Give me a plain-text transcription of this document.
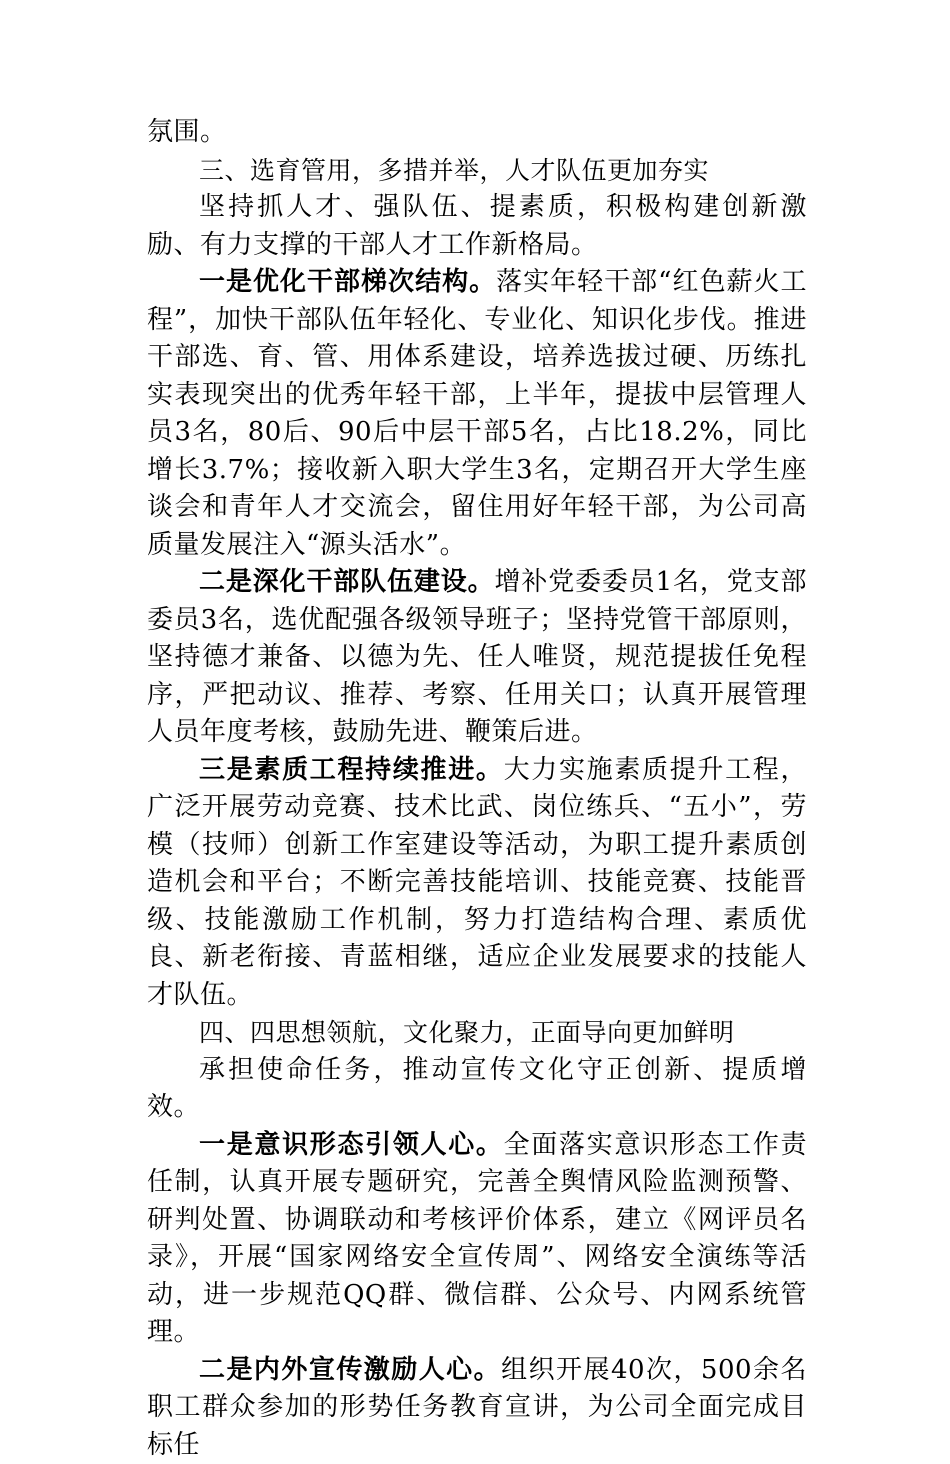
氛围。

三、选育管用，多措并举，人才队伍更加夯实

坚持抓人才、强队伍、提素质，积极构建创新激励、有力支撑的干部人才工作新格局。

一是优化干部梯次结构。落实年轻干部“红色薪火工程”，加快干部队伍年轻化、专业化、知识化步伐。推进干部选、育、管、用体系建设，培养选拔过硬、历练扎实表现突出的优秀年轻干部，上半年，提拔中层管理人员3名，80后、90后中层干部5名，占比18.2%，同比增长3.7%；接收新入职大学生3名，定期召开大学生座谈会和青年人才交流会，留住用好年轻干部，为公司高质量发展注入“源头活水”。

二是深化干部队伍建设。增补党委委员1名，党支部委员3名，选优配强各级领导班子；坚持党管干部原则，坚持德才兼备、以德为先、任人唯贤，规范提拔任免程序，严把动议、推荐、考察、任用关口；认真开展管理人员年度考核，鼓励先进、鞭策后进。

三是素质工程持续推进。大力实施素质提升工程，广泛开展劳动竞赛、技术比武、岗位练兵、“五小”，劳模（技师）创新工作室建设等活动，为职工提升素质创造机会和平台；不断完善技能培训、技能竞赛、技能晋级、技能激励工作机制，努力打造结构合理、素质优良、新老衔接、青蓝相继，适应企业发展要求的技能人才队伍。

四、四思想领航，文化聚力，正面导向更加鲜明

承担使命任务，推动宣传文化守正创新、提质增效。

一是意识形态引领人心。全面落实意识形态工作责任制，认真开展专题研究，完善全舆情风险监测预警、研判处置、协调联动和考核评价体系，建立《网评员名录》，开展“国家网络安全宣传周”、网络安全演练等活动，进一步规范QQ群、微信群、公众号、内网系统管理。

二是内外宣传激励人心。组织开展40次，500余名职工群众参加的形势任务教育宣讲，为公司全面完成目标任
